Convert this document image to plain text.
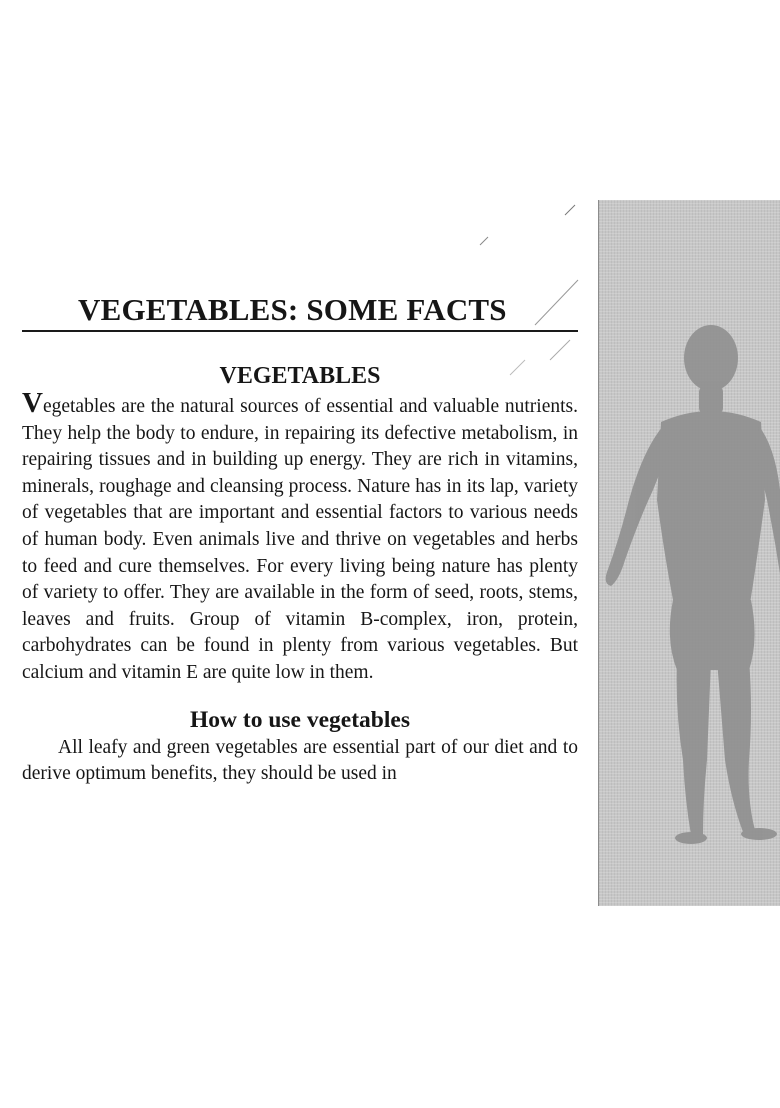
VEGETABLES: SOME FACTS
VEGETABLES

Vegetables are the natural sources of essential and valuable nutrients. They help the body to endure, in repairing its defective metabolism, in repairing tissues and in building up energy. They are rich in vitamins, minerals, roughage and cleansing process. Nature has in its lap, variety of vegetables that are important and essential factors to various needs of human body. Even animals live and thrive on vegetables and herbs to feed and cure themselves. For every living being nature has plenty of variety to offer. They are available in the form of seed, roots, stems, leaves and fruits. Group of vitamin B-complex, iron, protein, carbohydrates can be found in plenty from various vegetables. But calcium and vitamin E are quite low in them.

How to use vegetables

All leafy and green vegetables are essential part of our diet and to derive optimum benefits, they should be used in
